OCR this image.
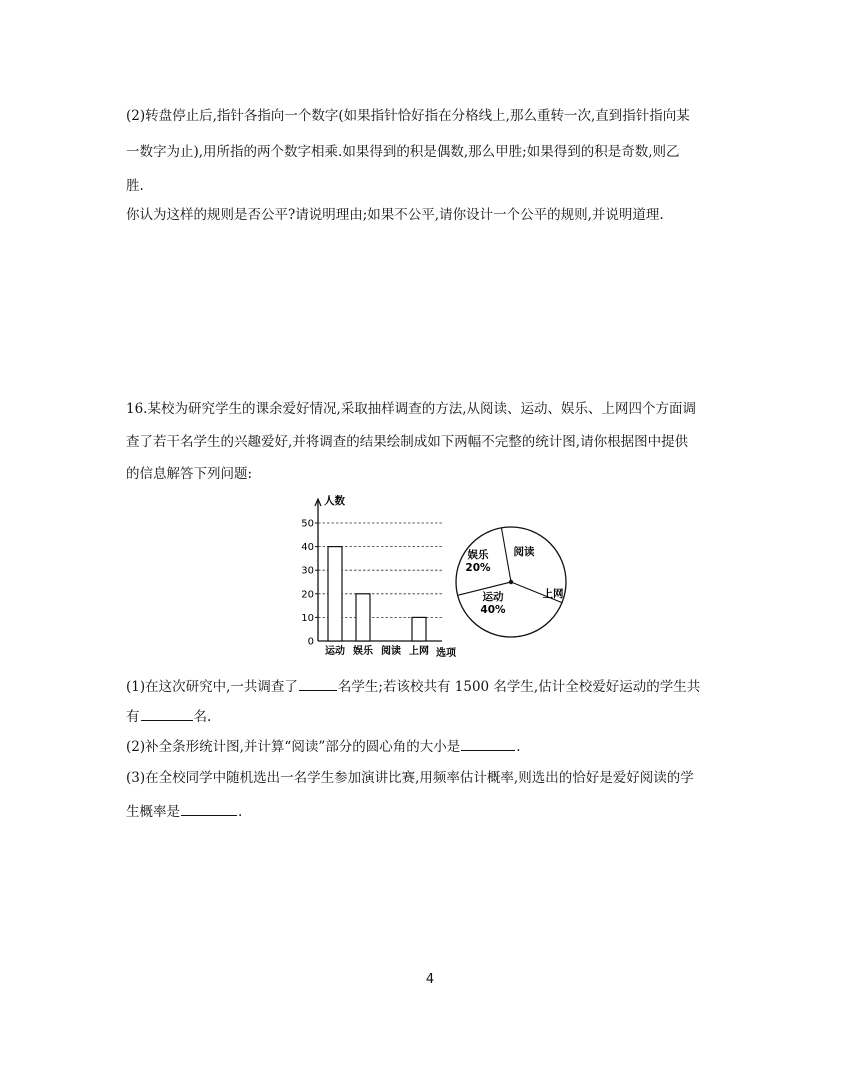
(2)转盘停止后,指针各指向一个数字(如果指针恰好指在分格线上,那么重转一次,直到指针指向某
一数字为止),用所指的两个数字相乘.如果得到的积是偶数,那么甲胜;如果得到的积是奇数,则乙
胜.
你认为这样的规则是否公平?请说明理由;如果不公平,请你设计一个公平的规则,并说明道理.
16.某校为研究学生的课余爱好情况,采取抽样调查的方法,从阅读、运动、娱乐、上网四个方面调
查了若干名学生的兴趣爱好,并将调查的结果绘制成如下两幅不完整的统计图,请你根据图中提供
的信息解答下列问题:
人数
0
10
20
30
40
50
运动 娱乐 阅读 上网 选项
阅读
娱乐
20%
运动
40%
上网
(1)在这次研究中,一共调查了	名学生;若该校共有 1500 名学生,估计全校爱好运动的学生共
有	名.
(2)补全条形统计图,并计算“阅读”部分的圆心角的大小是	.
(3)在全校同学中随机选出一名学生参加演讲比赛,用频率估计概率,则选出的恰好是爱好阅读的学
生概率是	.
4
